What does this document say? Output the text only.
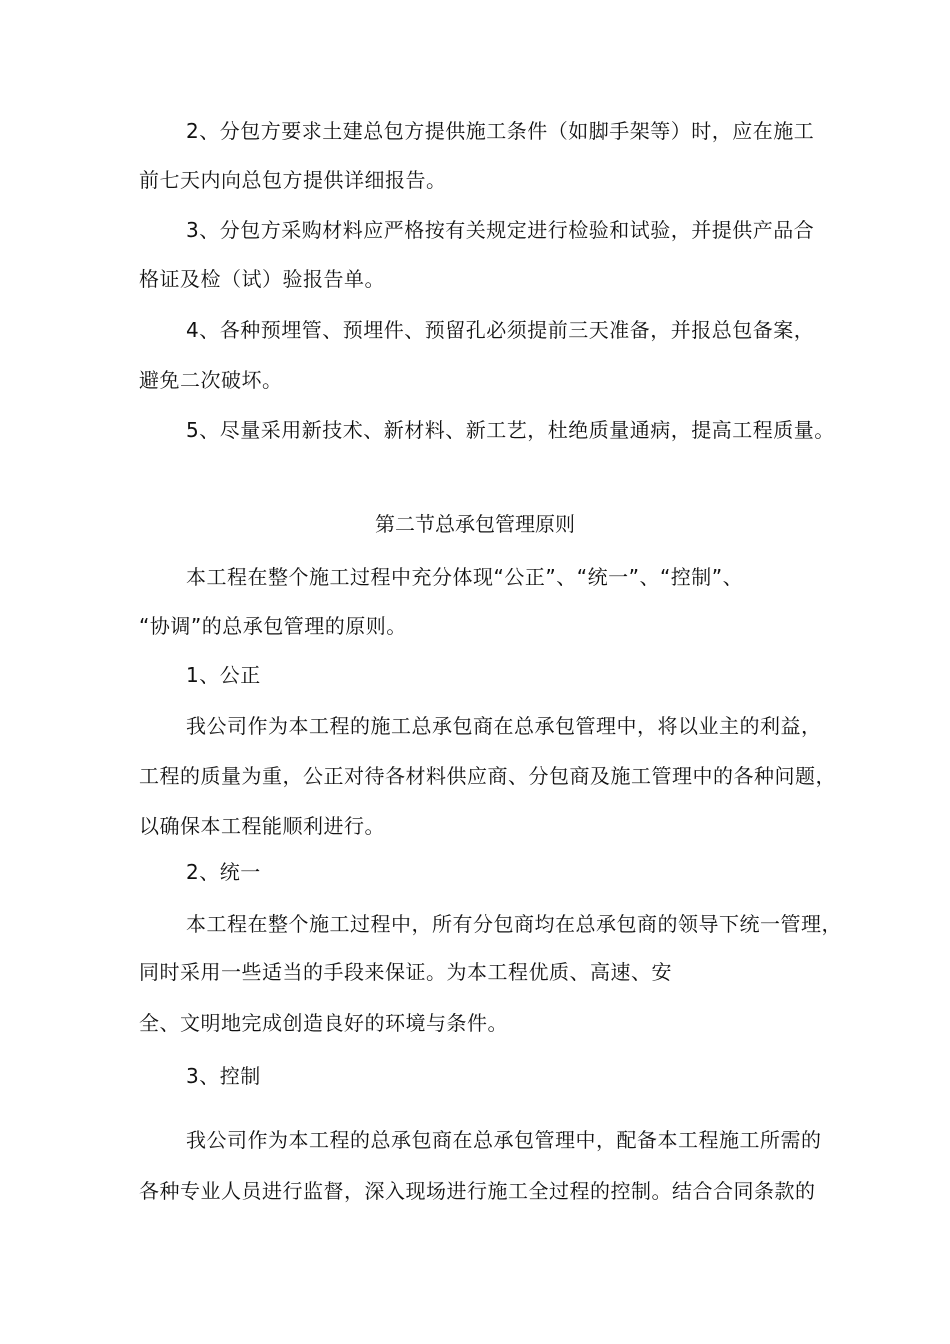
2、分包方要求土建总包方提供施工条件（如脚手架等）时，应在施工
前七天内向总包方提供详细报告。
3、分包方采购材料应严格按有关规定进行检验和试验，并提供产品合
格证及检（试）验报告单。
4、各种预埋管、预埋件、预留孔必须提前三天准备，并报总包备案，
避免二次破坏。
5、尽量采用新技术、新材料、新工艺，杜绝质量通病，提高工程质量。
第二节总承包管理原则
本工程在整个施工过程中充分体现“公正”、“统一”、“控制”、
“协调”的总承包管理的原则。
1、公正
我公司作为本工程的施工总承包商在总承包管理中，将以业主的利益，
工程的质量为重，公正对待各材料供应商、分包商及施工管理中的各种问题，
以确保本工程能顺利进行。
2、统一
本工程在整个施工过程中，所有分包商均在总承包商的领导下统一管理，
同时采用一些适当的手段来保证。为本工程优质、高速、安
全、文明地完成创造良好的环境与条件。
3、控制
我公司作为本工程的总承包商在总承包管理中，配备本工程施工所需的
各种专业人员进行监督，深入现场进行施工全过程的控制。结合合同条款的
